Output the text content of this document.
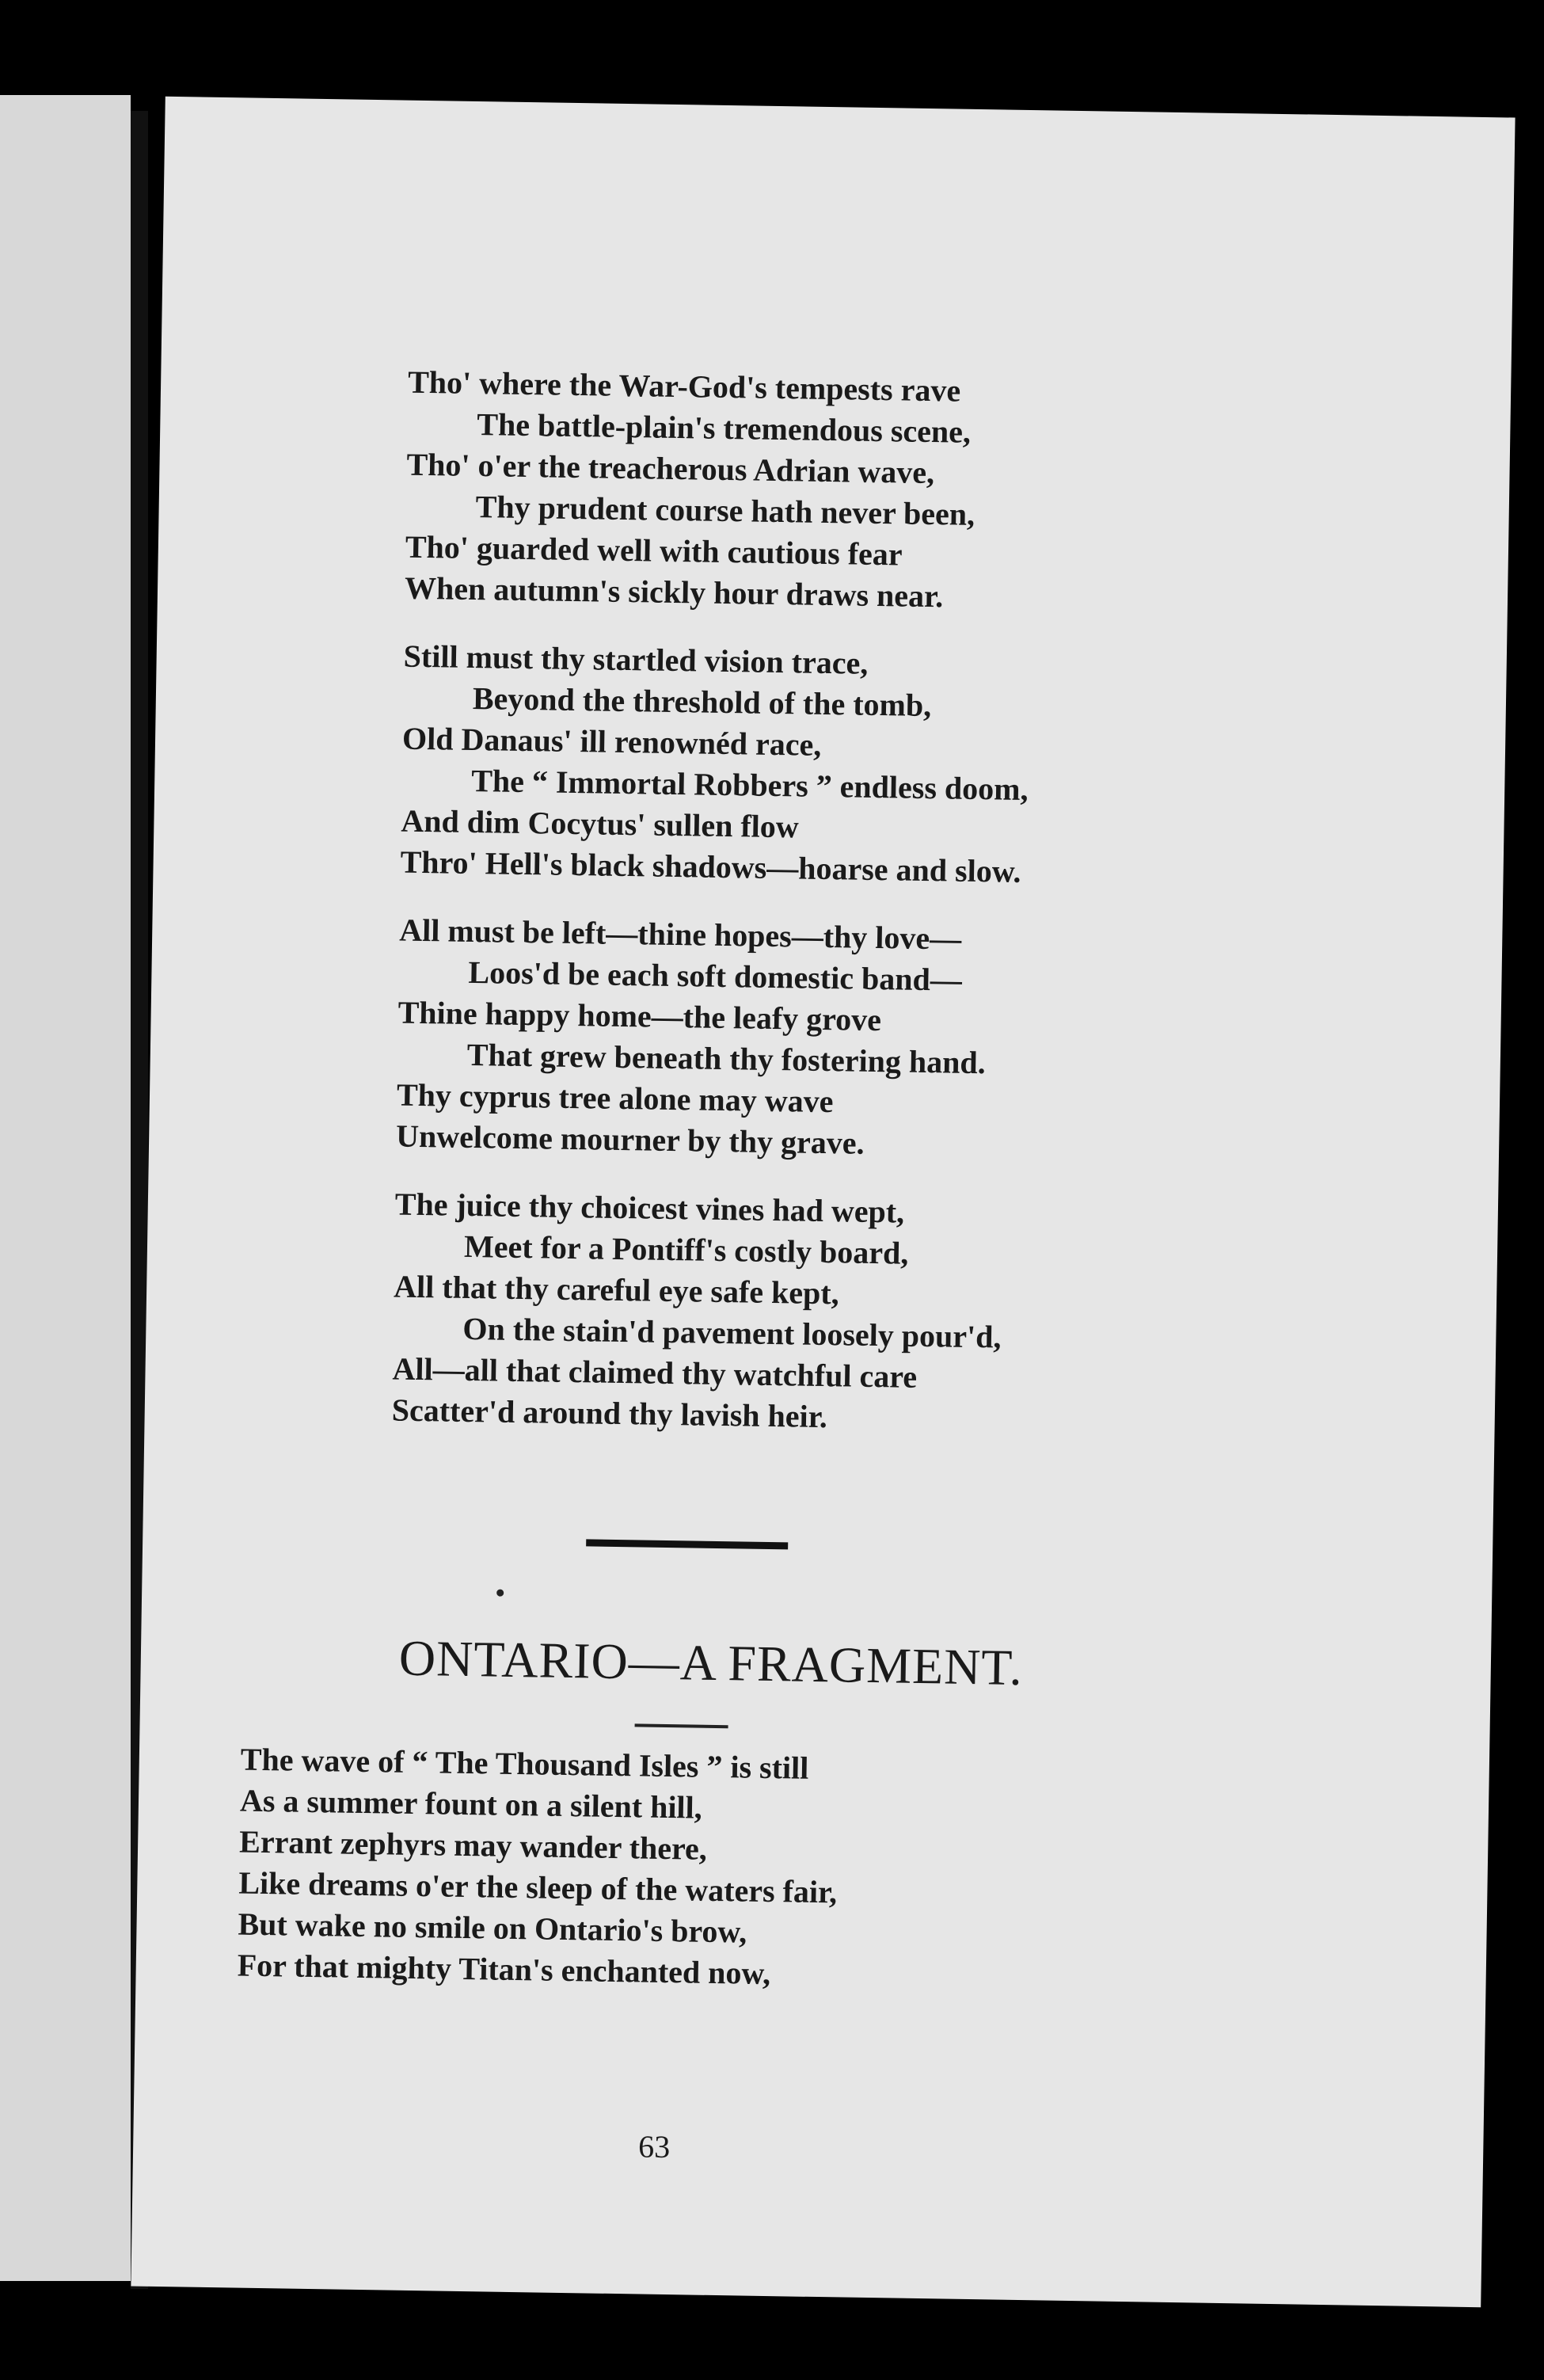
Tho' where the War-God's tempests rave
The battle-plain's tremendous scene,
Tho' o'er the treacherous Adrian wave,
Thy prudent course hath never been,
Tho' guarded well with cautious fear
When autumn's sickly hour draws near.
Still must thy startled vision trace,
Beyond the threshold of the tomb,
Old Danaus' ill renownéd race,
The “ Immortal Robbers ” endless doom,
And dim Cocytus' sullen flow
Thro' Hell's black shadows—hoarse and slow.
All must be left—thine hopes—thy love—
Loos'd be each soft domestic band—
Thine happy home—the leafy grove
That grew beneath thy fostering hand.
Thy cyprus tree alone may wave
Unwelcome mourner by thy grave.
The juice thy choicest vines had wept,
Meet for a Pontiff's costly board,
All that thy careful eye safe kept,
On the stain'd pavement loosely pour'd,
All—all that claimed thy watchful care
Scatter'd around thy lavish heir.
ONTARIO—A FRAGMENT.
The wave of “ The Thousand Isles ” is still
As a summer fount on a silent hill,
Errant zephyrs may wander there,
Like dreams o'er the sleep of the waters fair,
But wake no smile on Ontario's brow,
For that mighty Titan's enchanted now,
63
